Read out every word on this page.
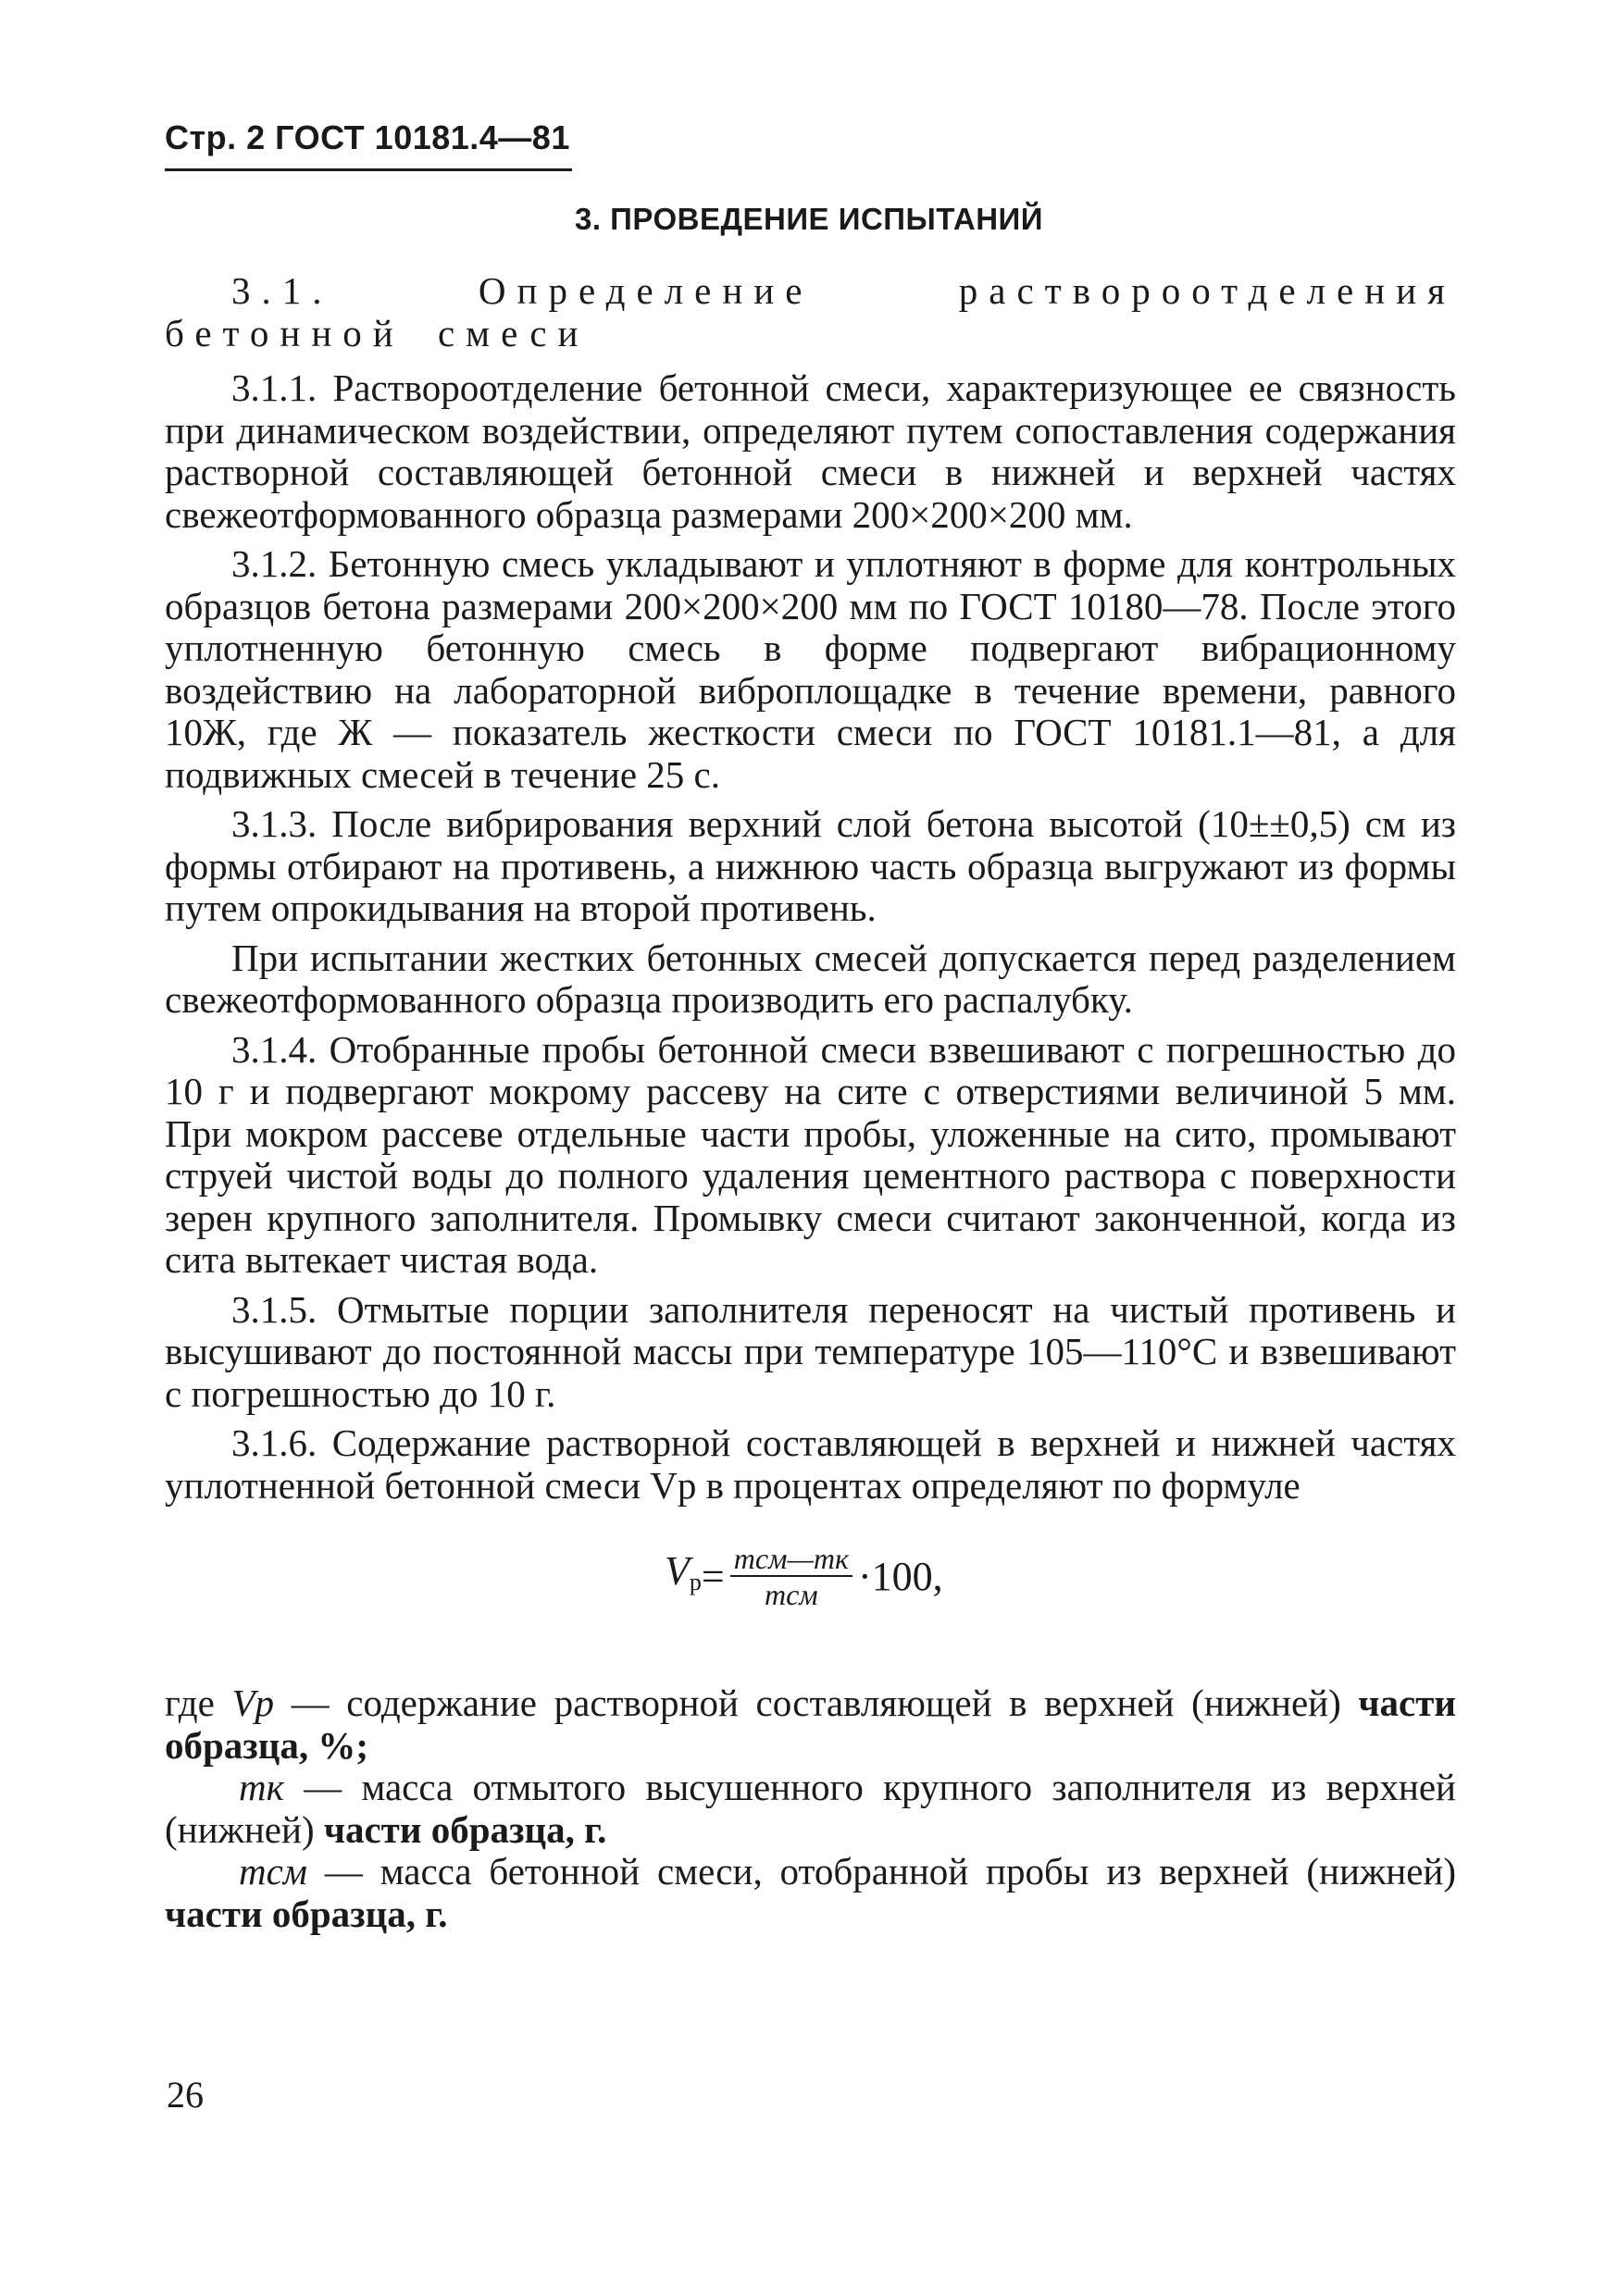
Стр. 2 ГОСТ 10181.4—81
3. ПРОВЕДЕНИЕ ИСПЫТАНИЙ

3.1. Определение раствороотделения бетонной смеси

3.1.1. Раствороотделение бетонной смеси, характеризующее ее связность при динамическом воздействии, определяют путем сопоставления содержания растворной составляющей бетонной смеси в нижней и верхней частях свежеотформованного образца размерами 200×200×200 мм.

3.1.2. Бетонную смесь укладывают и уплотняют в форме для контрольных образцов бетона размерами 200×200×200 мм по ГОСТ 10180—78. После этого уплотненную бетонную смесь в форме подвергают вибрационному воздействию на лабораторной виброплощадке в течение времени, равного 10Ж, где Ж — показатель жесткости смеси по ГОСТ 10181.1—81, а для подвижных смесей в течение 25 с.

3.1.3. После вибрирования верхний слой бетона высотой (10±±0,5) см из формы отбирают на противень, а нижнюю часть образца выгружают из формы путем опрокидывания на второй противень.

При испытании жестких бетонных смесей допускается перед разделением свежеотформованного образца производить его распалубку.

3.1.4. Отобранные пробы бетонной смеси взвешивают с погрешностью до 10 г и подвергают мокрому рассеву на сите с отверстиями величиной 5 мм. При мокром рассеве отдельные части пробы, уложенные на сито, промывают струей чистой воды до полного удаления цементного раствора с поверхности зерен крупного заполнителя. Промывку смеси считают законченной, когда из сита вытекает чистая вода.

3.1.5. Отмытые порции заполнителя переносят на чистый противень и высушивают до постоянной массы при температуре 105—110°С и взвешивают с погрешностью до 10 г.

3.1.6. Содержание растворной составляющей в верхней и нижней частях уплотненной бетонной смеси Vр в процентах определяют по формуле

$V_р = \frac{\text{mсм—mк}}{\text{mсм}} \cdot 100$,

где Vр — содержание растворной составляющей в верхней (нижней) части образца, %;

mк — масса отмытого высушенного крупного заполнителя из верхней (нижней) части образца, г.

mсм — масса бетонной смеси, отобранной пробы из верхней (нижней) части образца, г.

26
